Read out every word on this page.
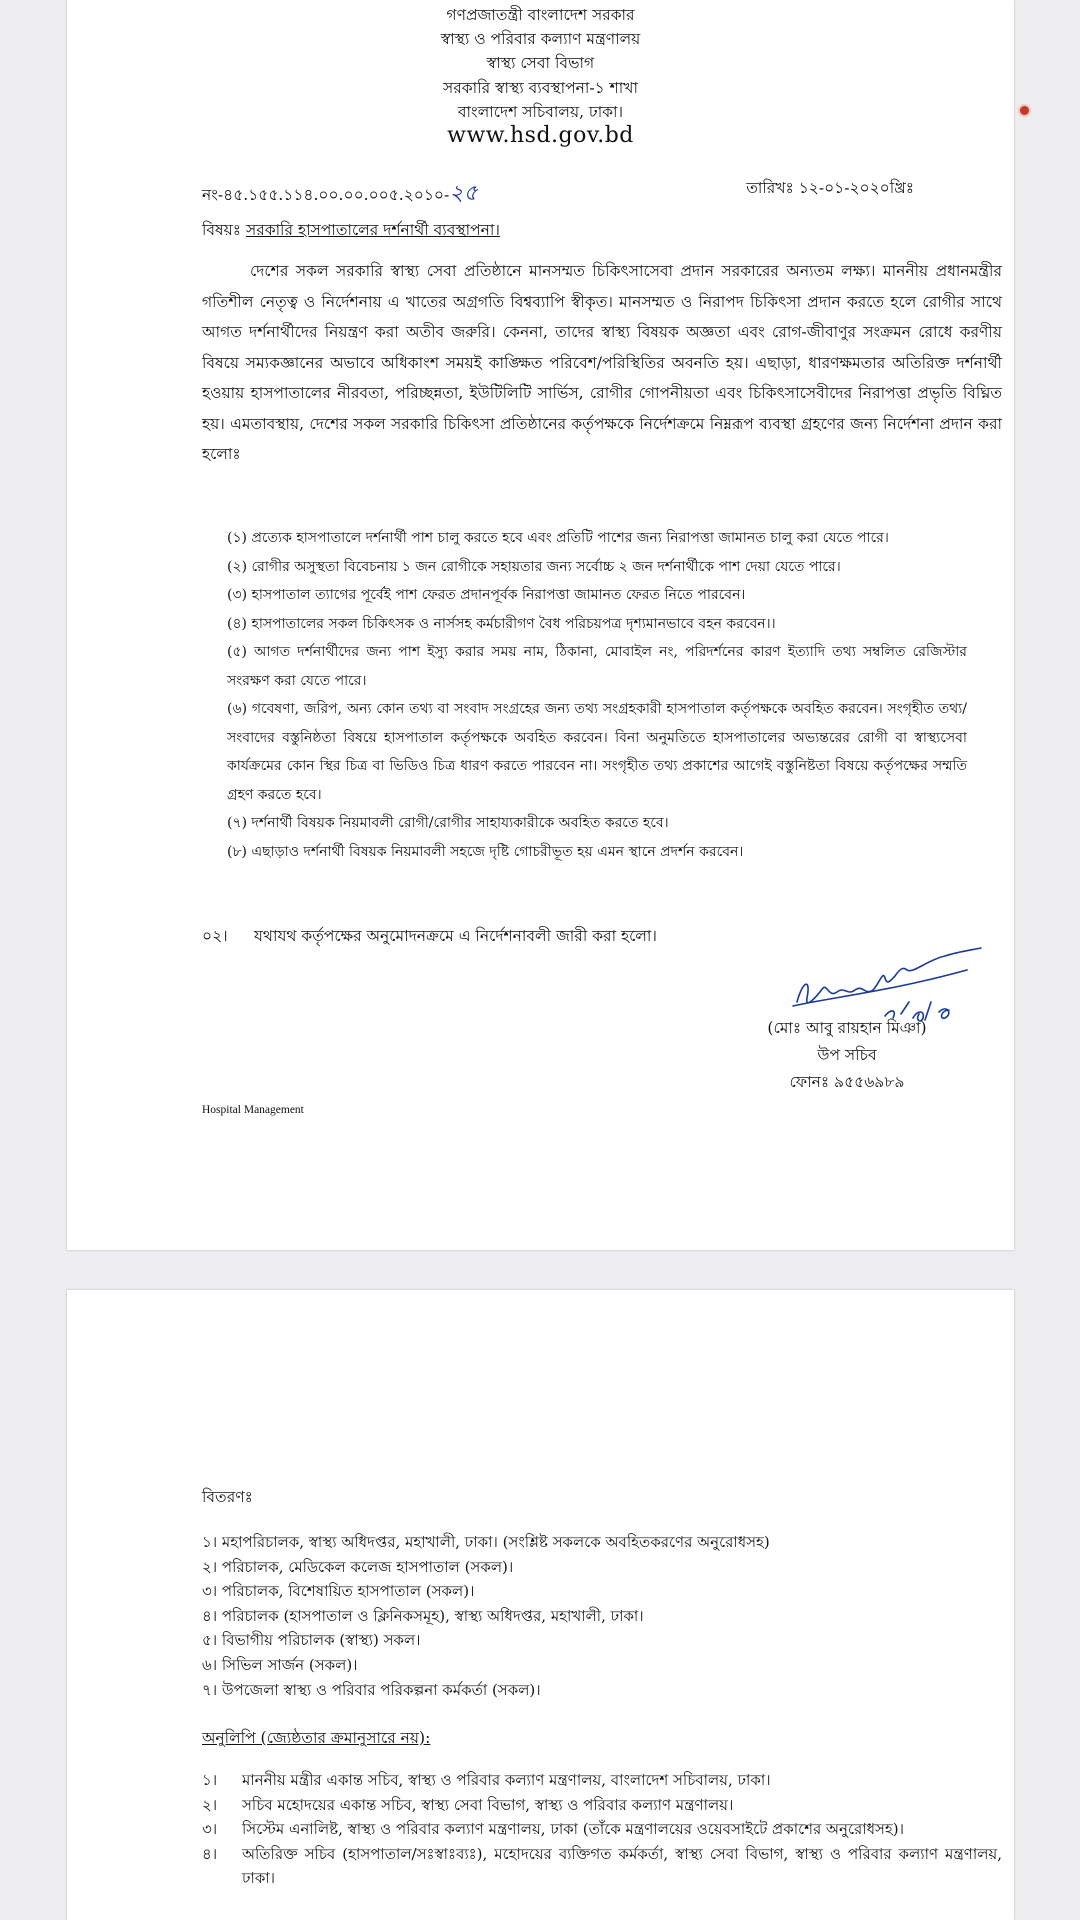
গণপ্রজাতন্ত্রী বাংলাদেশ সরকার
স্বাস্থ্য ও পরিবার কল্যাণ মন্ত্রণালয়
স্বাস্থ্য সেবা বিভাগ
সরকারি স্বাস্থ্য ব্যবস্থাপনা-১ শাখা
বাংলাদেশ সচিবালয়, ঢাকা।
www.hsd.gov.bd
নং-৪৫.১৫৫.১১৪.০০.০০.০০৫.২০১০-২৫	তারিখঃ ১২-০১-২০২০খ্রিঃ
বিষয়ঃ সরকারি হাসপাতালের দর্শনার্থী ব্যবস্থাপনা।
দেশের সকল সরকারি স্বাস্থ্য সেবা প্রতিষ্ঠানে মানসম্মত চিকিৎসাসেবা প্রদান সরকারের অন্যতম লক্ষ্য। মাননীয় প্রধানমন্ত্রীর গতিশীল নেতৃত্ব ও নির্দেশনায় এ খাতের অগ্রগতি বিশ্বব্যাপি স্বীকৃত। মানসম্মত ও নিরাপদ চিকিৎসা প্রদান করতে হলে রোগীর সাথে আগত দর্শনার্থীদের নিয়ন্ত্রণ করা অতীব জরুরি। কেননা, তাদের স্বাস্থ্য বিষয়ক অজ্ঞতা এবং রোগ-জীবাণুর সংক্রমন রোধে করণীয় বিষয়ে সম্যকজ্ঞানের অভাবে অধিকাংশ সময়ই কাঙ্ক্ষিত পরিবেশ/পরিস্থিতির অবনতি হয়। এছাড়া, ধারণক্ষমতার অতিরিক্ত দর্শনার্থী হওয়ায় হাসপাতালের নীরবতা, পরিচ্ছন্নতা, ইউটিলিটি সার্ভিস, রোগীর গোপনীয়তা এবং চিকিৎসাসেবীদের নিরাপত্তা প্রভৃতি বিঘ্নিত হয়। এমতাবস্থায়, দেশের সকল সরকারি চিকিৎসা প্রতিষ্ঠানের কর্তৃপক্ষকে নির্দেশক্রমে নিম্নরূপ ব্যবস্থা গ্রহণের জন্য নির্দেশনা প্রদান করা হলোঃ
(১) প্রত্যেক হাসপাতালে দর্শনার্থী পাশ চালু করতে হবে এবং প্রতিটি পাশের জন্য নিরাপত্তা জামানত চালু করা যেতে পারে।
(২) রোগীর অসুস্থতা বিবেচনায় ১ জন রোগীকে সহায়তার জন্য সর্বোচ্চ ২ জন দর্শনার্থীকে পাশ দেয়া যেতে পারে।
(৩) হাসপাতাল ত্যাগের পূর্বেই পাশ ফেরত প্রদানপূর্বক নিরাপত্তা জামানত ফেরত নিতে পারবেন।
(৪) হাসপাতালের সকল চিকিৎসক ও নার্সসহ কর্মচারীগণ বৈধ পরিচয়পত্র দৃশ্যমানভাবে বহন করবেন।।
(৫) আগত দর্শনার্থীদের জন্য পাশ ইস্যু করার সময় নাম, ঠিকানা, মোবাইল নং, পরিদর্শনের কারণ ইত্যাদি তথ্য সম্বলিত রেজিস্টার সংরক্ষণ করা যেতে পারে।
(৬) গবেষণা, জরিপ, অন্য কোন তথ্য বা সংবাদ সংগ্রহের জন্য তথ্য সংগ্রহকারী হাসপাতাল কর্তৃপক্ষকে অবহিত করবেন। সংগৃহীত তথ্য/সংবাদের বস্তুনিষ্ঠতা বিষয়ে হাসপাতাল কর্তৃপক্ষকে অবহিত করবেন। বিনা অনুমতিতে হাসপাতালের অভ্যন্তরের রোগী বা স্বাস্থ্যসেবা কার্যক্রমের কোন স্থির চিত্র বা ভিডিও চিত্র ধারণ করতে পারবেন না। সংগৃহীত তথ্য প্রকাশের আগেই বস্তুনিষ্টতা বিষয়ে কর্তৃপক্ষের সম্মতি গ্রহণ করতে হবে।
(৭) দর্শনার্থী বিষয়ক নিয়মাবলী রোগী/রোগীর সাহায্যকারীকে অবহিত করতে হবে।
(৮) এছাড়াও দর্শনার্থী বিষয়ক নিয়মাবলী সহজে দৃষ্টি গোচরীভূত হয় এমন স্থানে প্রদর্শন করবেন।
০২। যথাযথ কর্তৃপক্ষের অনুমোদনক্রমে এ নির্দেশনাবলী জারী করা হলো।
(মোঃ আবু রায়হান মিঞা)
উপ সচিব
ফোনঃ ৯৫৫৬৯৮৯
Hospital Management
বিতরণঃ
১। মহাপরিচালক, স্বাস্থ্য অধিদপ্তর, মহাখালী, ঢাকা। (সংশ্লিষ্ট সকলকে অবহিতকরণের অনুরোধসহ)
২। পরিচালক, মেডিকেল কলেজ হাসপাতাল (সকল)।
৩। পরিচালক, বিশেষায়িত হাসপাতাল (সকল)।
৪। পরিচালক (হাসপাতাল ও ক্লিনিকসমূহ), স্বাস্থ্য অধিদপ্তর, মহাখালী, ঢাকা।
৫। বিভাগীয় পরিচালক (স্বাস্থ্য) সকল।
৬। সিভিল সার্জন (সকল)।
৭। উপজেলা স্বাস্থ্য ও পরিবার পরিকল্পনা কর্মকর্তা (সকল)।
অনুলিপি (জ্যেষ্ঠতার ক্রমানুসারে নয়):
১।	মাননীয় মন্ত্রীর একান্ত সচিব, স্বাস্থ্য ও পরিবার কল্যাণ মন্ত্রণালয়, বাংলাদেশ সচিবালয়, ঢাকা।
২।	সচিব মহোদয়ের একান্ত সচিব, স্বাস্থ্য সেবা বিভাগ, স্বাস্থ্য ও পরিবার কল্যাণ মন্ত্রণালয়।
৩।	সিস্টেম এনালিষ্ট, স্বাস্থ্য ও পরিবার কল্যাণ মন্ত্রণালয়, ঢাকা (তাঁকে মন্ত্রণালয়ের ওয়েবসাইটে প্রকাশের অনুরোধসহ)।
৪।	অতিরিক্ত সচিব (হাসপাতাল/সঃস্বাঃব্যঃ), মহোদয়ের ব্যক্তিগত কর্মকর্তা, স্বাস্থ্য সেবা বিভাগ, স্বাস্থ্য ও পরিবার কল্যাণ মন্ত্রণালয়, ঢাকা।
